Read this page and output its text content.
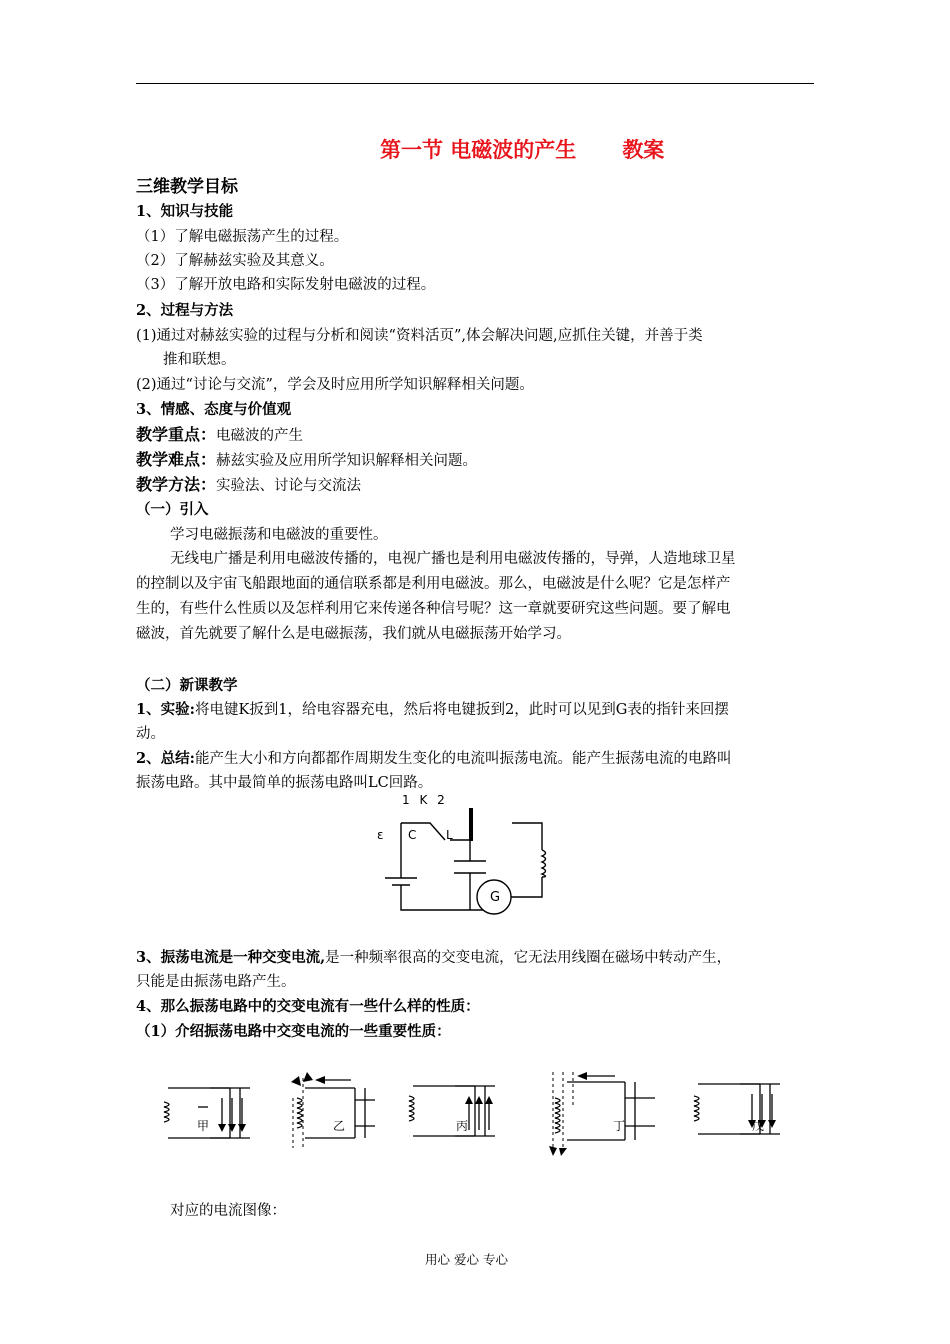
第一节 电磁波的产生 教案
三维教学目标
1、知识与技能
（1）了解电磁振荡产生的过程。
（2）了解赫兹实验及其意义。
（3）了解开放电路和实际发射电磁波的过程。
2、过程与方法
(1)通过对赫兹实验的过程与分析和阅读“资料活页”,体会解决问题,应抓住关键，并善于类
推和联想。
(2)通过“讨论与交流”，学会及时应用所学知识解释相关问题。
3、情感、态度与价值观
教学重点：电磁波的产生
教学难点：赫兹实验及应用所学知识解释相关问题。
教学方法：实验法、讨论与交流法
（一）引入
学习电磁振荡和电磁波的重要性。
无线电广播是利用电磁波传播的，电视广播也是利用电磁波传播的，导弹，人造地球卫星
的控制以及宇宙飞船跟地面的通信联系都是利用电磁波。那么，电磁波是什么呢？它是怎样产
生的，有些什么性质以及怎样利用它来传递各种信号呢？这一章就要研究这些问题。要了解电
磁波，首先就要了解什么是电磁振荡，我们就从电磁振荡开始学习。
（二）新课教学
1、实验:将电键K扳到1，给电容器充电，然后将电键扳到2，此时可以见到G表的指针来回摆
动。
2、总结:能产生大小和方向都都作周期发生变化的电流叫振荡电流。能产生振荡电流的电路叫
振荡电路。其中最简单的振荡电路叫LC回路。
1 K 2
ε C L
G
3、振荡电流是一种交变电流,是一种频率很高的交变电流，它无法用线圈在磁场中转动产生，
只能是由振荡电路产生。
4、那么振荡电路中的交变电流有一些什么样的性质：
（1）介绍振荡电路中交变电流的一些重要性质：
甲	乙	丙	丁	戊
对应的电流图像：
用心 爱心 专心
